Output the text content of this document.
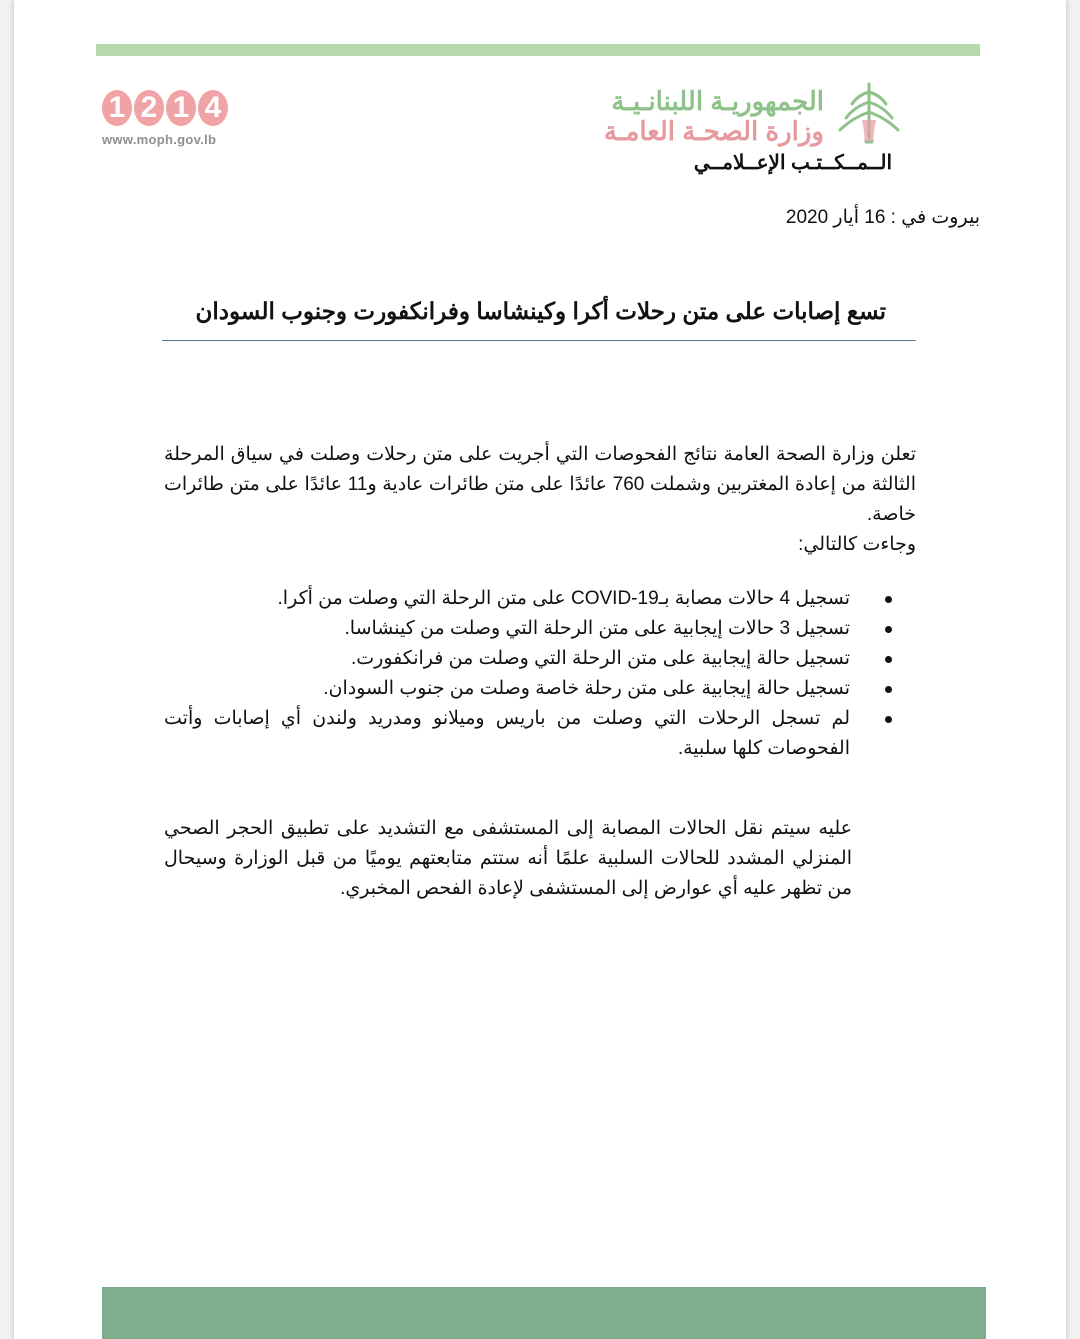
1 2 1 4
www.moph.gov.lb
الجمهوريـة اللبنانـيـة
وزارة الصحـة العامـة
الــمــكــتـب الإعــلامــي
بيروت في : 16 أيار 2020
تسع إصابات على متن رحلات أكرا وكينشاسا وفرانكفورت وجنوب السودان
تعلن وزارة الصحة العامة نتائج الفحوصات التي أجريت على متن رحلات وصلت في سياق المرحلة الثالثة من إعادة المغتربين وشملت 760 عائدًا على متن طائرات عادية و11 عائدًا على متن طائرات خاصة.
وجاءت كالتالي:
تسجيل 4 حالات مصابة بـCOVID-19 على متن الرحلة التي وصلت من أكرا.
تسجيل 3 حالات إيجابية على متن الرحلة التي وصلت من كينشاسا.
تسجيل حالة إيجابية على متن الرحلة التي وصلت من فرانكفورت.
تسجيل حالة إيجابية على متن رحلة خاصة وصلت من جنوب السودان.
لم تسجل الرحلات التي وصلت من باريس وميلانو ومدريد ولندن أي إصابات وأتت الفحوصات كلها سلبية.
عليه سيتم نقل الحالات المصابة إلى المستشفى مع التشديد على تطبيق الحجر الصحي المنزلي المشدد للحالات السلبية علمًا أنه ستتم متابعتهم يوميًا من قبل الوزارة وسيحال من تظهر عليه أي عوارض إلى المستشفى لإعادة الفحص المخبري.
